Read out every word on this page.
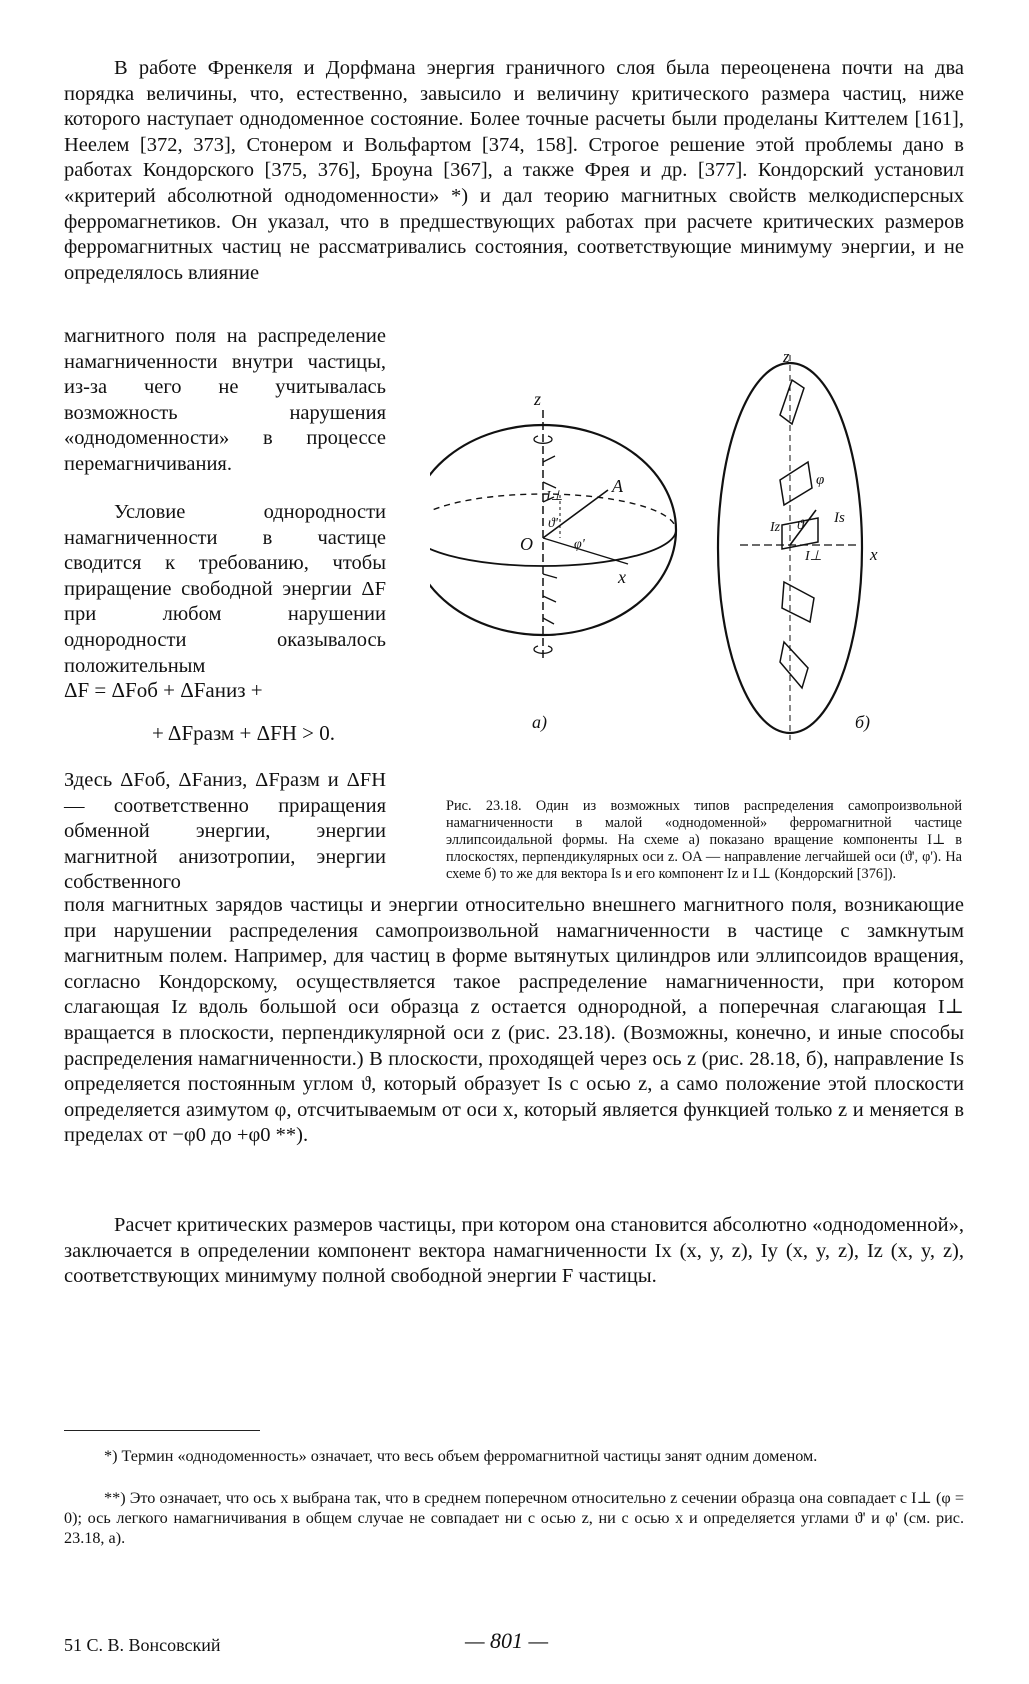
В работе Френкеля и Дорфмана энергия граничного слоя была переоценена почти на два порядка величины, что, естественно, завысило и величину критического размера частиц, ниже которого наступает однодоменное состояние. Более точные расчеты были проделаны Киттелем [161], Неелем [372, 373], Стонером и Вольфартом [374, 158]. Строгое решение этой проблемы дано в работах Кондорского [375, 376], Броуна [367], а также Фрея и др. [377]. Кондорский установил «критерий абсолютной однодоменности» *) и дал теорию магнитных свойств мелкодисперсных ферромагнетиков. Он указал, что в предшествующих работах при расчете критических размеров ферромагнитных частиц не рассматривались состояния, соответствующие минимуму энергии, и не определялось влияние

магнитного поля на распределение намагниченности внутри частицы, из-за чего не учитывалась возможность нарушения «однодоменности» в процессе перемагничивания.

Условие однородности намагниченности в частице сводится к требованию, чтобы приращение свободной энергии ΔF при любом нарушении однородности оказывалось положительным

ΔF = ΔFоб + ΔFаниз +
+ ΔFразм + ΔFH > 0.

Здесь ΔFоб, ΔFаниз, ΔFразм и ΔFH — соответственно приращения обменной энергии, энергии магнитной анизотропии, энергии собственного

поля магнитных зарядов частицы и энергии относительно внешнего магнитного поля, возникающие при нарушении распределения самопроизвольной намагниченности в частице с замкнутым магнитным полем. Например, для частиц в форме вытянутых цилиндров или эллипсоидов вращения, согласно Кондорскому, осуществляется такое распределение намагниченности, при котором слагающая Iz вдоль большой оси образца z остается однородной, а поперечная слагающая I⊥ вращается в плоскости, перпендикулярной оси z (рис. 23.18). (Возможны, конечно, и иные способы распределения намагниченности.) В плоскости, проходящей через ось z (рис. 28.18, б), направление Is определяется постоянным углом ϑ, который образует Is с осью z, а само положение этой плоскости определяется азимутом φ, отсчитываемым от оси x, который является функцией только z и меняется в пределах от −φ0 до +φ0 **).

Расчет критических размеров частицы, при котором она становится абсолютно «однодоменной», заключается в определении компонент вектора намагниченности Ix (x, y, z), Iy (x, y, z), Iz (x, y, z), соответствующих минимуму полной свободной энергии F частицы.

z
x
O
A
ϑ'
φ'
I⊥
а)
z
x
φ
Is
Iz ϑ
I⊥
б)

Рис. 23.18. Один из возможных типов распределения самопроизвольной намагниченности в малой «однодоменной» ферромагнитной частице эллипсоидальной формы. На схеме а) показано вращение компоненты I⊥ в плоскостях, перпендикулярных оси z. OA — направление легчайшей оси (ϑ', φ'). На схеме б) то же для вектора Is и его компонент Iz и I⊥ (Кондорский [376]).

*) Термин «однодоменность» означает, что весь объем ферромагнитной частицы занят одним доменом.

**) Это означает, что ось x выбрана так, что в среднем поперечном относительно z сечении образца она совпадает с I⊥ (φ = 0); ось легкого намагничивания в общем случае не совпадает ни с осью z, ни с осью x и определяется углами ϑ' и φ' (см. рис. 23.18, а).

51 С. В. Вонсовский	— 801 —
